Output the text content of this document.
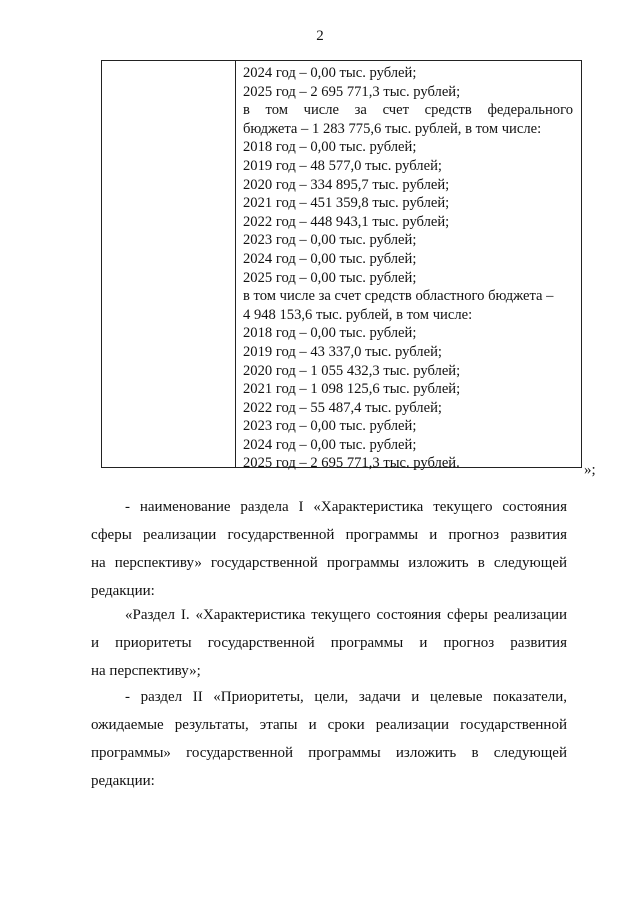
2
2024 год – 0,00 тыс. рублей;
2025 год – 2 695 771,3 тыс. рублей;
в том числе за счет средств федерального
бюджета – 1 283 775,6 тыс. рублей, в том числе:
2018 год – 0,00 тыс. рублей;
2019 год – 48 577,0 тыс. рублей;
2020 год – 334 895,7 тыс. рублей;
2021 год – 451 359,8 тыс. рублей;
2022 год – 448 943,1 тыс. рублей;
2023 год – 0,00 тыс. рублей;
2024 год – 0,00 тыс. рублей;
2025 год – 0,00 тыс. рублей;
в том числе за счет средств областного бюджета –
4 948 153,6 тыс. рублей, в том числе:
2018 год – 0,00 тыс. рублей;
2019 год – 43 337,0 тыс. рублей;
2020 год – 1 055 432,3 тыс. рублей;
2021 год – 1 098 125,6 тыс. рублей;
2022 год – 55 487,4 тыс. рублей;
2023 год – 0,00 тыс. рублей;
2024 год – 0,00 тыс. рублей;
2025 год – 2 695 771,3 тыс. рублей.	»;
- наименование раздела I «Характеристика текущего состояния
сферы реализации государственной программы и прогноз развития
на перспективу» государственной программы изложить в следующей
редакции:
«Раздел I. «Характеристика текущего состояния сферы реализации
и приоритеты государственной программы и прогноз развития
на перспективу»;
- раздел II «Приоритеты, цели, задачи и целевые показатели,
ожидаемые результаты, этапы и сроки реализации государственной
программы» государственной программы изложить в следующей
редакции:
